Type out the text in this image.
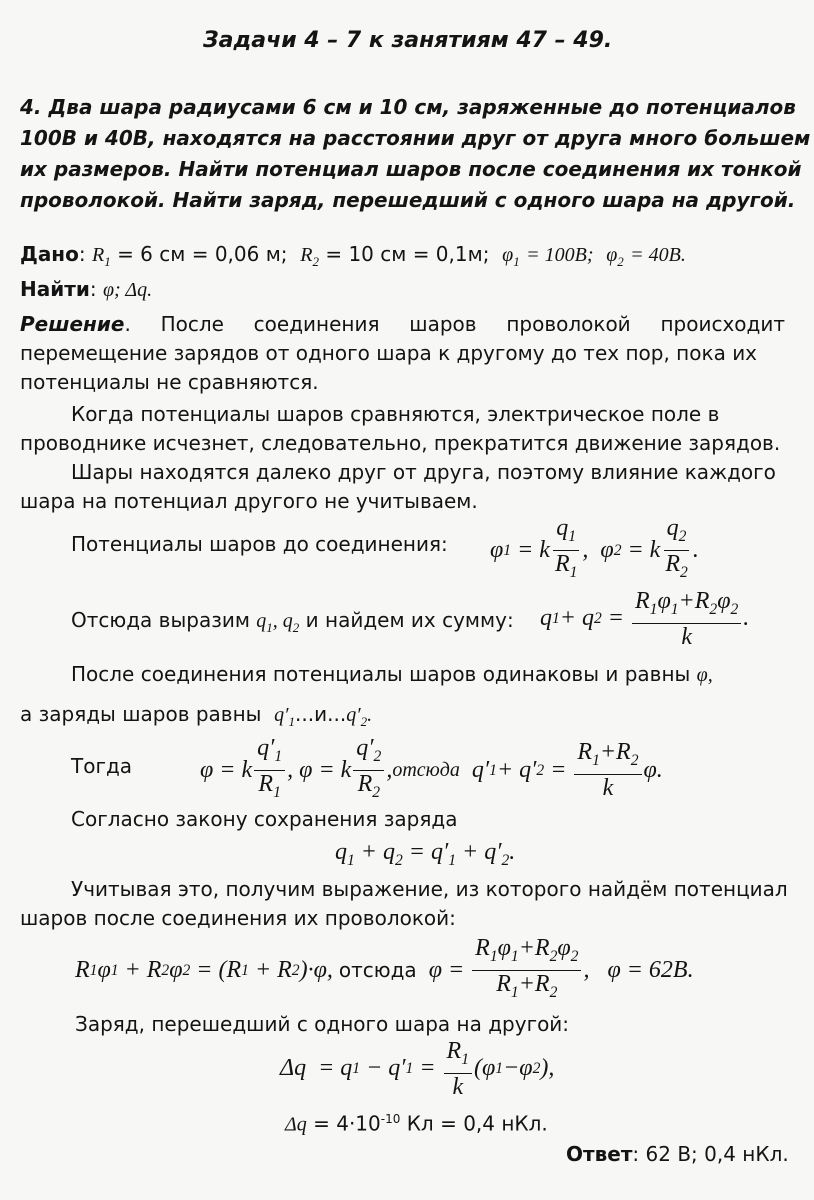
Задачи 4 – 7 к занятиям 47 – 49.
4. Два шара радиусами 6 см и 10 см, заряженные до потенциалов
100В и 40В, находятся на расстоянии друг от друга много большем
их размеров. Найти потенциал шаров после соединения их тонкой
проволокой. Найти заряд, перешедший с одного шара на другой.
Дано: $R_1 = 6$ см = 0,06 м; $R_2 = 10$ см = 0,1м; $\varphi_1 = 100B$; $\varphi_2 = 40B$.
Найти: φ; Δq.
Решение. После соединения шаров проволокой происходит
перемещение зарядов от одного шара к другому до тех пор, пока их
потенциалы не сравняются.
Когда потенциалы шаров сравняются, электрическое поле в
проводнике исчезнет, следовательно, прекратится движение зарядов.
Шары находятся далеко друг от друга, поэтому влияние каждого
шара на потенциал другого не учитываем.
Потенциалы шаров до соединения: φ 1 = k $\frac{q_1}{R_1}$ ,  φ 2 = k $\frac{q_2}{R_2}$ .
Отсюда выразим $q_1$, $q_2$ и найдем их сумму: q 1 + q $2 = \frac{R_1\varphi_1+R_2\varphi_2}{k}$ .
После соединения потенциалы шаров одинаковы и равны φ,
а заряды шаров равны $q'_1...и...q'_2$.
Тогда	φ = k $\frac{q'_1}{R_1}$ , φ = k $\frac{q'_2}{R_2}$ , отсюда q′ 1 + q′ $2 = \frac{R_1+R_2}{k} \varphi$.
Согласно закону сохранения заряда
$q_1 + q_2 = q'_1 + q'_2$.
Учитывая это, получим выражение, из которого найдём потенциал
шаров после соединения их проволокой:
R 1 φ 1 + R 2 φ 2 = (R 1 + R 2 )·φ, отсюда $\varphi = \frac{R_1\varphi_1+R_2\varphi_2}{R_1+R_2}$ , φ = 62В.
Заряд, перешедший с одного шара на другой:
Δq  = q 1 − q′ $1 = \frac{R_1}{k} (\varphi$ 1 −φ 2 ),
$\Delta q = 4\cdot 10^{-10}$ Кл = 0,4 нКл.
Ответ: 62 В; 0,4 нКл.
